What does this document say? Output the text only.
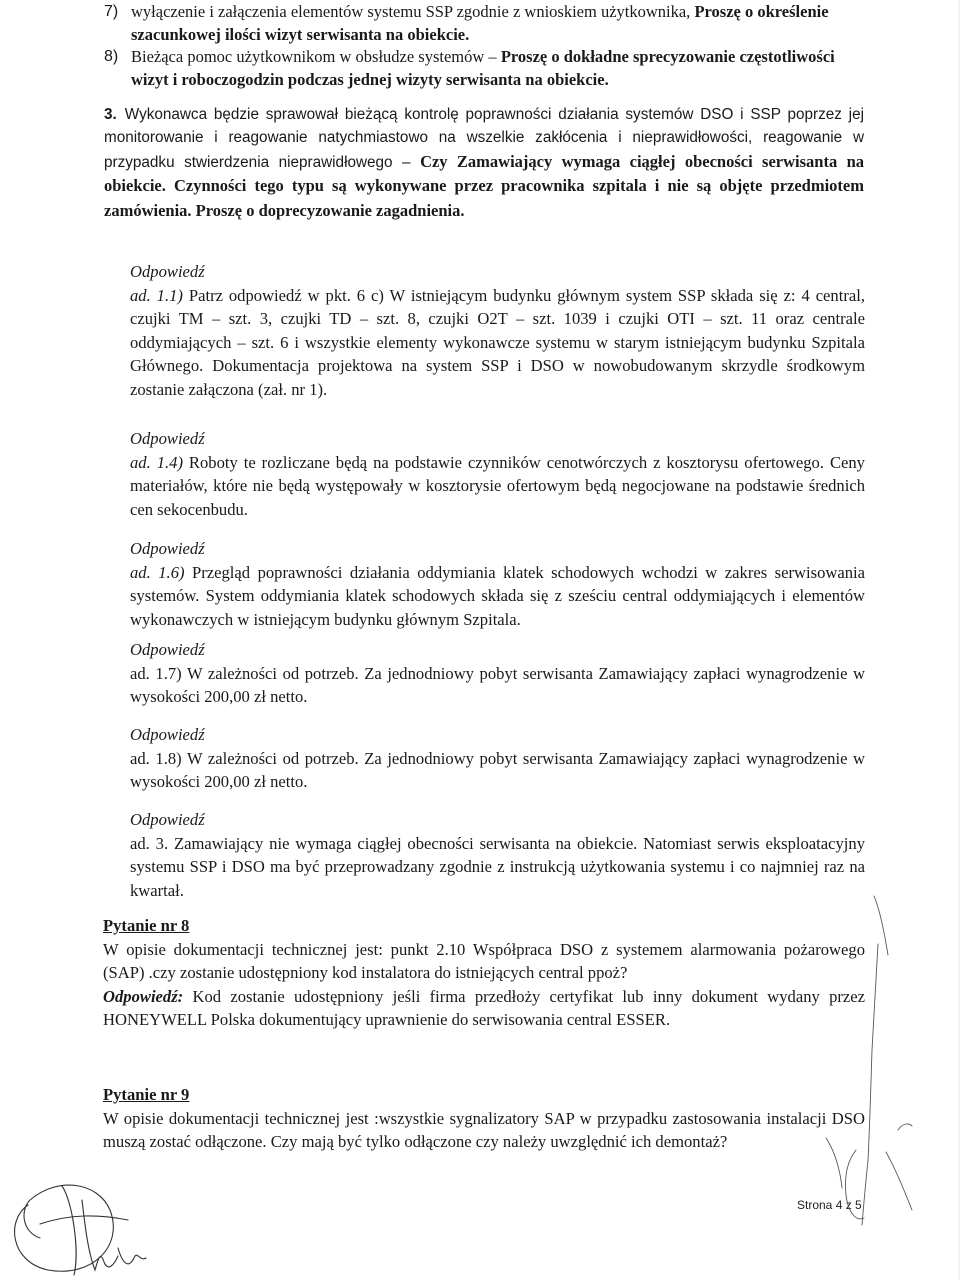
7) wyłączenie i załączenia elementów systemu SSP zgodnie z wnioskiem użytkownika, Proszę o określenie szacunkowej ilości wizyt serwisanta na obiekcie.
8) Bieżąca pomoc użytkownikom w obsłudze systemów – Proszę o dokładne sprecyzowanie częstotliwości wizyt i roboczogodzin podczas jednej wizyty serwisanta na obiekcie.
3. Wykonawca będzie sprawował bieżącą kontrolę poprawności działania systemów DSO i SSP poprzez jej monitorowanie i reagowanie natychmiastowo na wszelkie zakłócenia i nieprawidłowości, reagowanie w przypadku stwierdzenia nieprawidłowego – Czy Zamawiający wymaga ciągłej obecności serwisanta na obiekcie. Czynności tego typu są wykonywane przez pracownika szpitala i nie są objęte przedmiotem zamówienia. Proszę o doprecyzowanie zagadnienia.
Odpowiedź
ad. 1.1) Patrz odpowiedź w pkt. 6 c) W istniejącym budynku głównym system SSP składa się z: 4 central, czujki TM – szt. 3, czujki TD – szt. 8, czujki O2T – szt. 1039 i czujki OTI – szt. 11 oraz centrale oddymiających – szt. 6 i wszystkie elementy wykonawcze systemu w starym istniejącym budynku Szpitala Głównego. Dokumentacja projektowa na system SSP i DSO w nowobudowanym skrzydle środkowym zostanie załączona (zał. nr 1).
Odpowiedź
ad. 1.4) Roboty te rozliczane będą na podstawie czynników cenotwórczych z kosztorysu ofertowego. Ceny materiałów, które nie będą występowały w kosztorysie ofertowym będą negocjowane na podstawie średnich cen sekocenbudu.
Odpowiedź
ad. 1.6) Przegląd poprawności działania oddymiania klatek schodowych wchodzi w zakres serwisowania systemów. System oddymiania klatek schodowych składa się z sześciu central oddymiających i elementów wykonawczych w istniejącym budynku głównym Szpitala.
Odpowiedź
ad. 1.7) W zależności od potrzeb. Za jednodniowy pobyt serwisanta Zamawiający zapłaci wynagrodzenie w wysokości 200,00 zł netto.
Odpowiedź
ad. 1.8) W zależności od potrzeb. Za jednodniowy pobyt serwisanta Zamawiający zapłaci wynagrodzenie w wysokości 200,00 zł netto.
Odpowiedź
ad. 3. Zamawiający nie wymaga ciągłej obecności serwisanta na obiekcie. Natomiast serwis eksploatacyjny systemu SSP i DSO ma być przeprowadzany zgodnie z instrukcją użytkowania systemu i co najmniej raz na kwartał.
Pytanie nr 8
W opisie dokumentacji technicznej jest: punkt 2.10 Współpraca DSO z systemem alarmowania pożarowego (SAP) .czy zostanie udostępniony kod instalatora do istniejących central ppoż?
Odpowiedź: Kod zostanie udostępniony jeśli firma przedłoży certyfikat lub inny dokument wydany przez HONEYWELL Polska dokumentujący uprawnienie do serwisowania central ESSER.
Pytanie nr 9
W opisie dokumentacji technicznej jest :wszystkie sygnalizatory SAP w przypadku zastosowania instalacji DSO muszą zostać odłączone. Czy mają być tylko odłączone czy należy uwzględnić ich demontaż?
Strona 4 z 5
